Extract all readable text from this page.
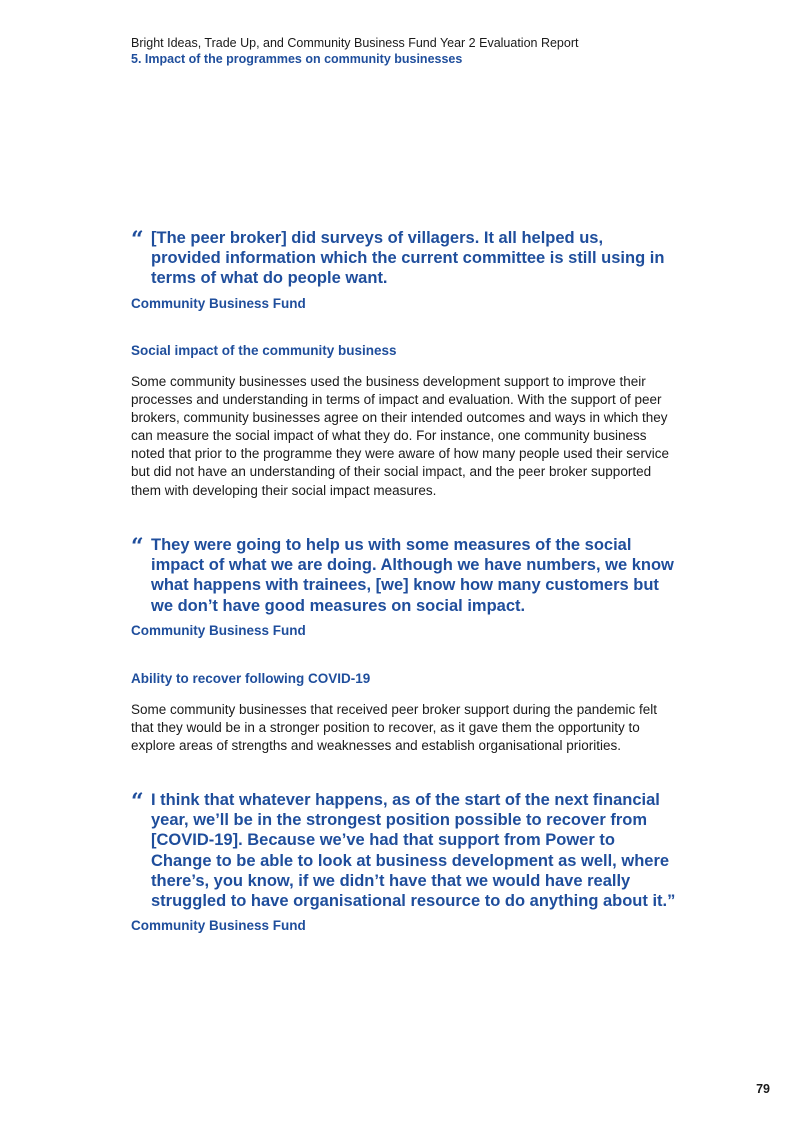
Bright Ideas, Trade Up, and Community Business Fund Year 2 Evaluation Report
5. Impact of the programmes on community businesses
“ [The peer broker] did surveys of villagers. It all helped us, provided information which the current committee is still using in terms of what do people want.
Community Business Fund
Social impact of the community business
Some community businesses used the business development support to improve their processes and understanding in terms of impact and evaluation. With the support of peer brokers, community businesses agree on their intended outcomes and ways in which they can measure the social impact of what they do. For instance, one community business noted that prior to the programme they were aware of how many people used their service but did not have an understanding of their social impact, and the peer broker supported them with developing their social impact measures.
“ They were going to help us with some measures of the social impact of what we are doing. Although we have numbers, we know what happens with trainees, [we] know how many customers but we don’t have good measures on social impact.
Community Business Fund
Ability to recover following COVID-19
Some community businesses that received peer broker support during the pandemic felt that they would be in a stronger position to recover, as it gave them the opportunity to explore areas of strengths and weaknesses and establish organisational priorities.
“ I think that whatever happens, as of the start of the next financial year, we’ll be in the strongest position possible to recover from [COVID-19]. Because we’ve had that support from Power to Change to be able to look at business development as well, where there’s, you know, if we didn’t have that we would have really struggled to have organisational resource to do anything about it.”
Community Business Fund
79
